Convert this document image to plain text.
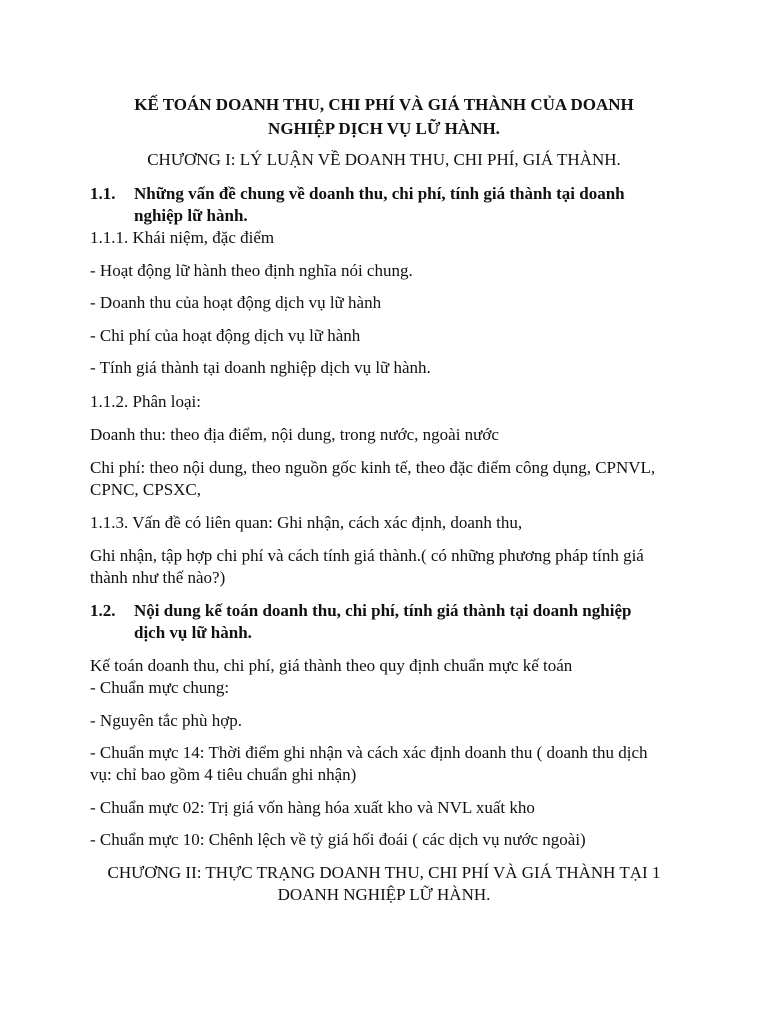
KẾ TOÁN DOANH THU, CHI PHÍ VÀ GIÁ THÀNH CỦA DOANH
NGHIỆP DỊCH VỤ LỮ HÀNH.
CHƯƠNG I: LÝ LUẬN VỀ DOANH THU, CHI PHÍ, GIÁ THÀNH.
1.1. Những vấn đề chung về doanh thu, chi phí, tính giá thành tại doanh
nghiệp lữ hành.
1.1.1. Khái niệm, đặc điểm
- Hoạt động lữ hành theo định nghĩa nói chung.
- Doanh thu của hoạt động dịch vụ lữ hành
- Chi phí của hoạt động dịch vụ lữ hành
- Tính giá thành tại doanh nghiệp dịch vụ lữ hành.
1.1.2. Phân loại:
Doanh thu: theo địa điểm, nội dung, trong nước, ngoài nước
Chi phí: theo nội dung, theo nguồn gốc kinh tế, theo đặc điểm công dụng, CPNVL,
CPNC, CPSXC,
1.1.3. Vấn đề có liên quan: Ghi nhận, cách xác định, doanh thu,
Ghi nhận, tập hợp chi phí và cách tính giá thành.( có những phương pháp tính giá
thành như thế nào?)
1.2. Nội dung kế toán doanh thu, chi phí, tính giá thành tại doanh nghiệp
dịch vụ lữ hành.
Kế toán doanh thu, chi phí, giá thành theo quy định chuẩn mực kế toán
- Chuẩn mực chung:
- Nguyên tắc phù hợp.
- Chuẩn mực 14: Thời điểm ghi nhận và cách xác định doanh thu ( doanh thu dịch
vụ: chỉ bao gồm 4 tiêu chuẩn ghi nhận)
- Chuẩn mực 02: Trị giá vốn hàng hóa xuất kho và NVL xuất kho
- Chuẩn mực 10: Chênh lệch về tỷ giá hối đoái ( các dịch vụ nước ngoài)
CHƯƠNG II: THỰC TRẠNG DOANH THU, CHI PHÍ VÀ GIÁ THÀNH TẠI 1
DOANH NGHIỆP LỮ HÀNH.
